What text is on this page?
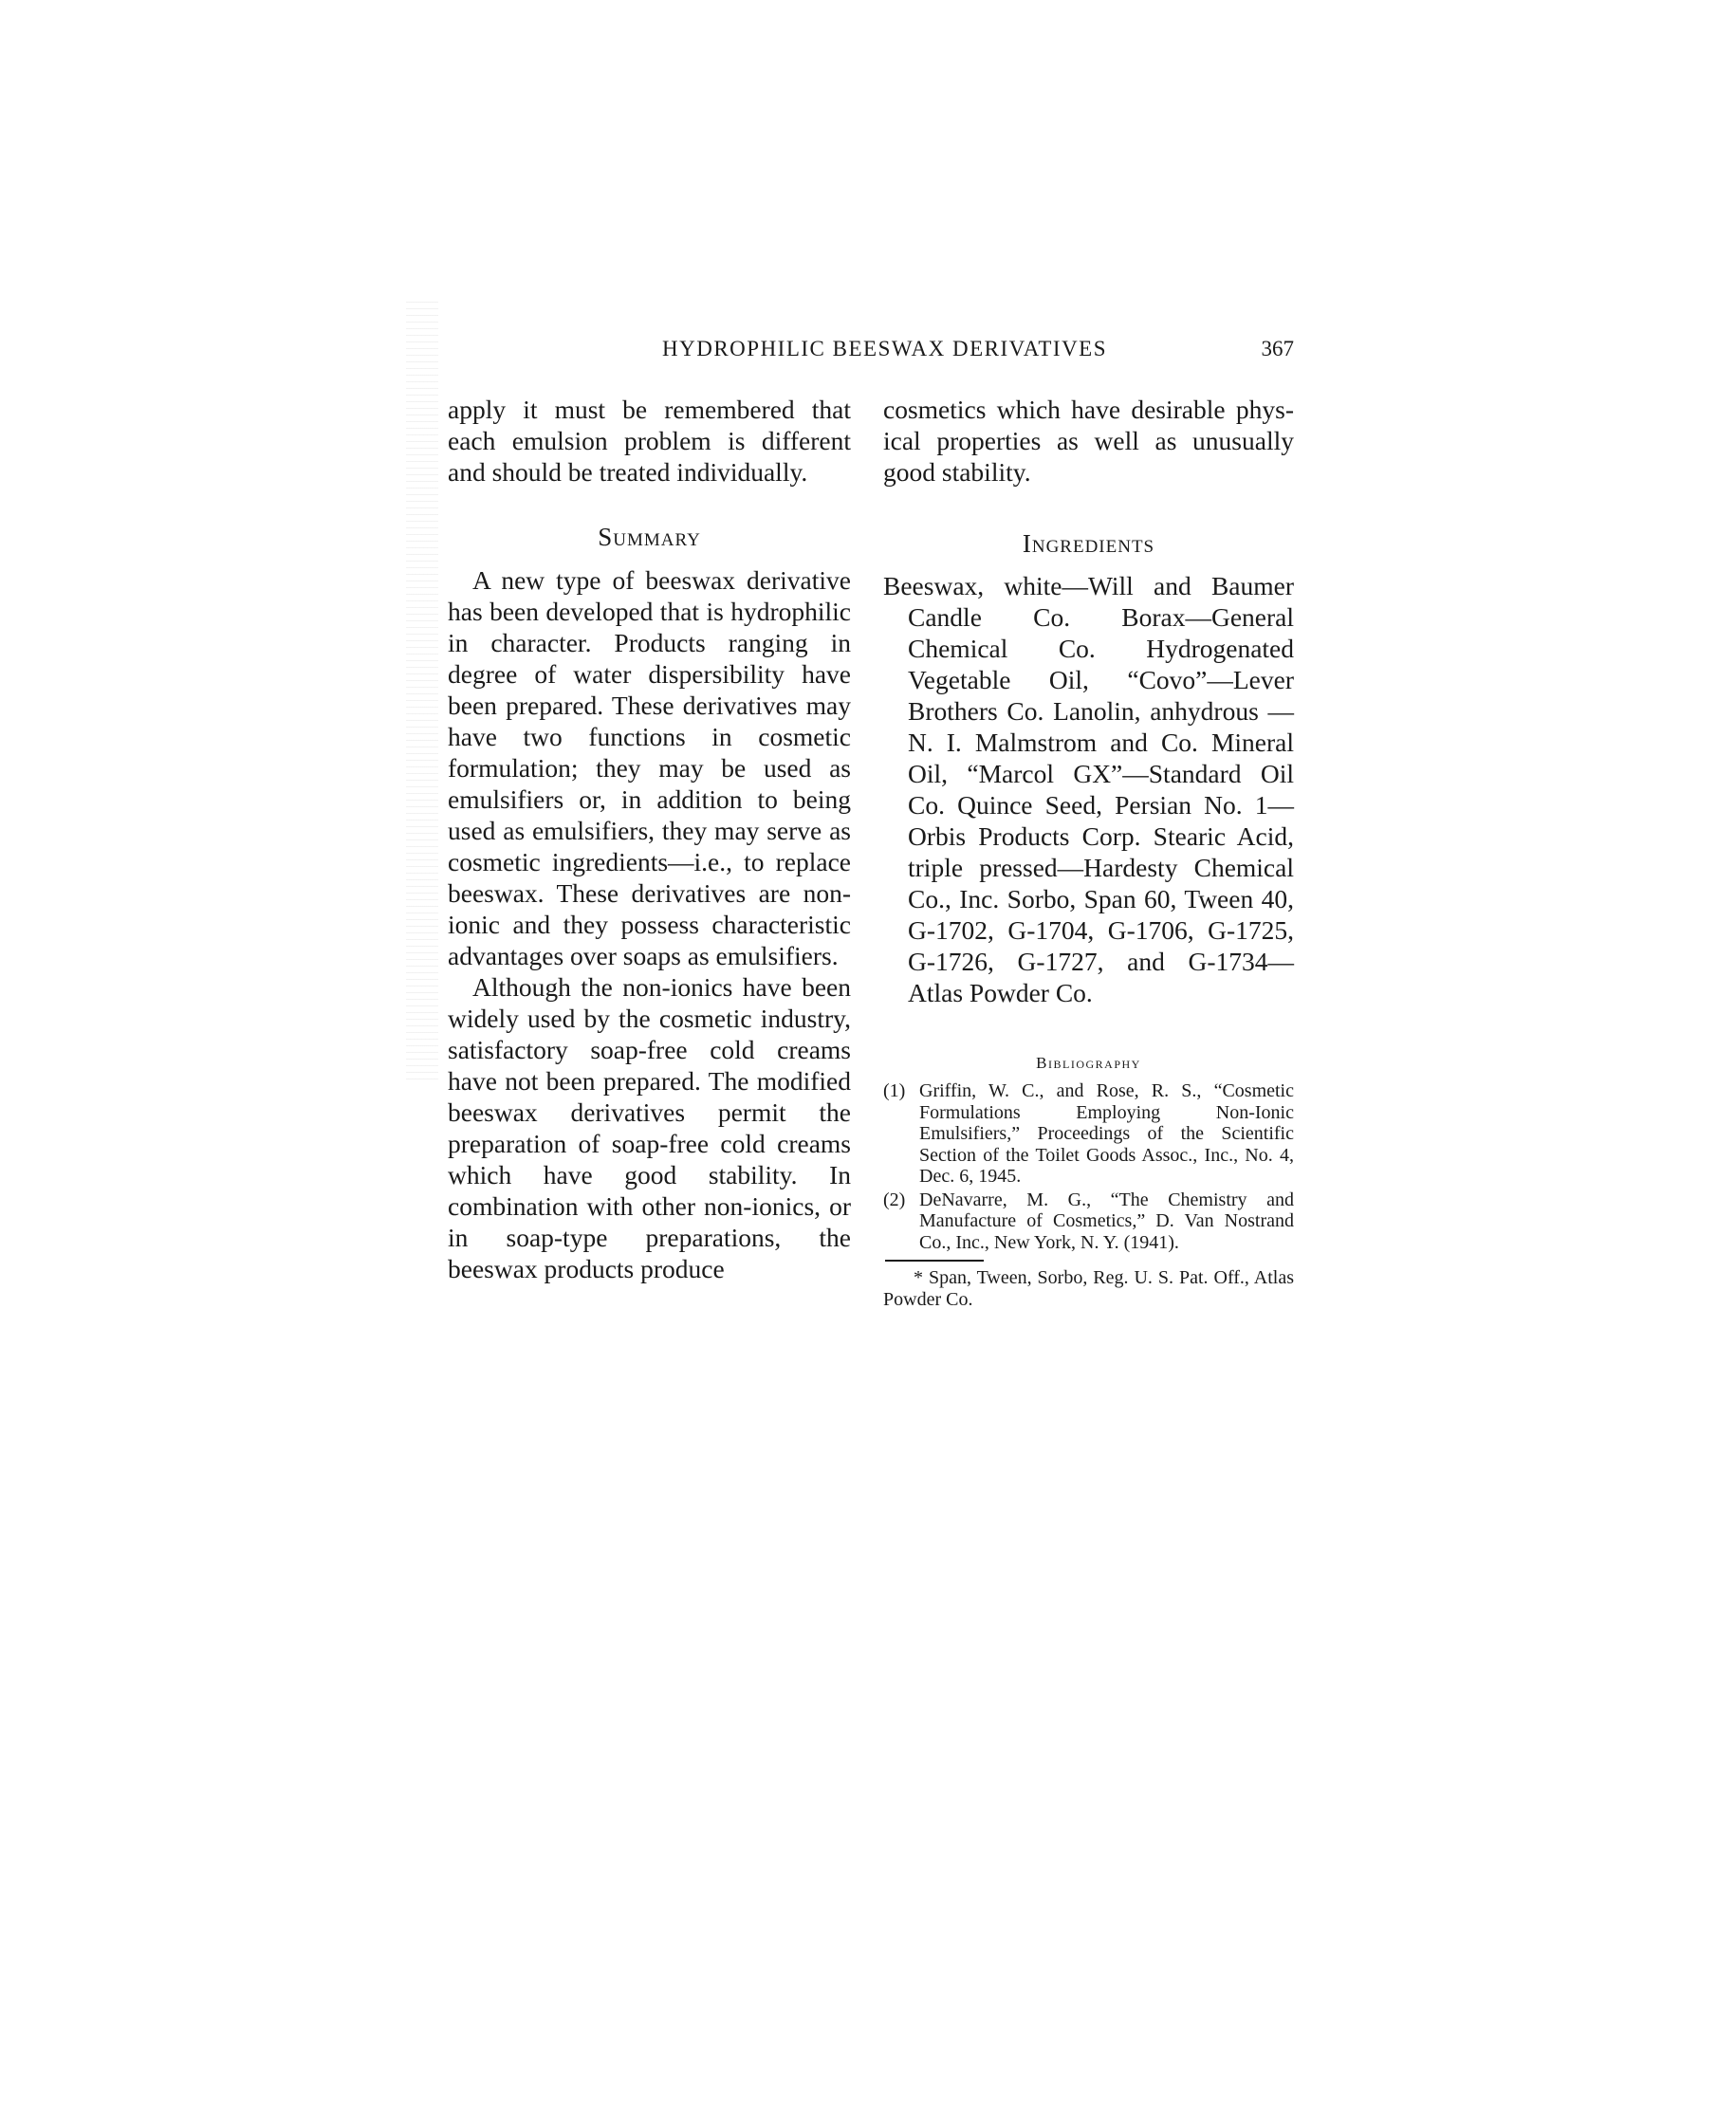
HYDROPHILIC BEESWAX DERIVATIVES	367

apply it must be remembered that each emulsion problem is different and should be treated individually.

Summary

A new type of beeswax derivative has been developed that is hydrophilic in character. Products ranging in degree of water dispersibility have been prepared. These derivatives may have two functions in cosmetic formulation; they may be used as emulsifiers or, in addition to being used as emulsifiers, they may serve as cosmetic ingredients—i.e., to replace beeswax. These derivatives are non-ionic and they possess characteristic advantages over soaps as emulsifiers.

Although the non-ionics have been widely used by the cosmetic industry, satisfactory soap-free cold creams have not been prepared. The modified beeswax derivatives permit the preparation of soap-free cold creams which have good stability. In combination with other non-ionics, or in soap-type preparations, the beeswax products produce

cosmetics which have desirable physical properties as well as unusually good stability.

Ingredients

Beeswax, white—Will and Baumer Candle Co. Borax—General Chemical Co. Hydrogenated Vegetable Oil, “Covo”—Lever Brothers Co. Lanolin, anhydrous —N. I. Malmstrom and Co. Mineral Oil, “Marcol GX”—Standard Oil Co. Quince Seed, Persian No. 1—Orbis Products Corp. Stearic Acid, triple pressed—Hardesty Chemical Co., Inc. Sorbo, Span 60, Tween 40, G-1702, G-1704, G-1706, G-1725, G-1726, G-1727, and G-1734—Atlas Powder Co.

Bibliography
(1) Griffin, W. C., and Rose, R. S., “Cosmetic Formulations Employing Non-Ionic Emulsifiers,” Proceedings of the Scientific Section of the Toilet Goods Assoc., Inc., No. 4, Dec. 6, 1945.
(2) DeNavarre, M. G., “The Chemistry and Manufacture of Cosmetics,” D. Van Nostrand Co., Inc., New York, N. Y. (1941).

* Span, Tween, Sorbo, Reg. U. S. Pat. Off., Atlas Powder Co.
